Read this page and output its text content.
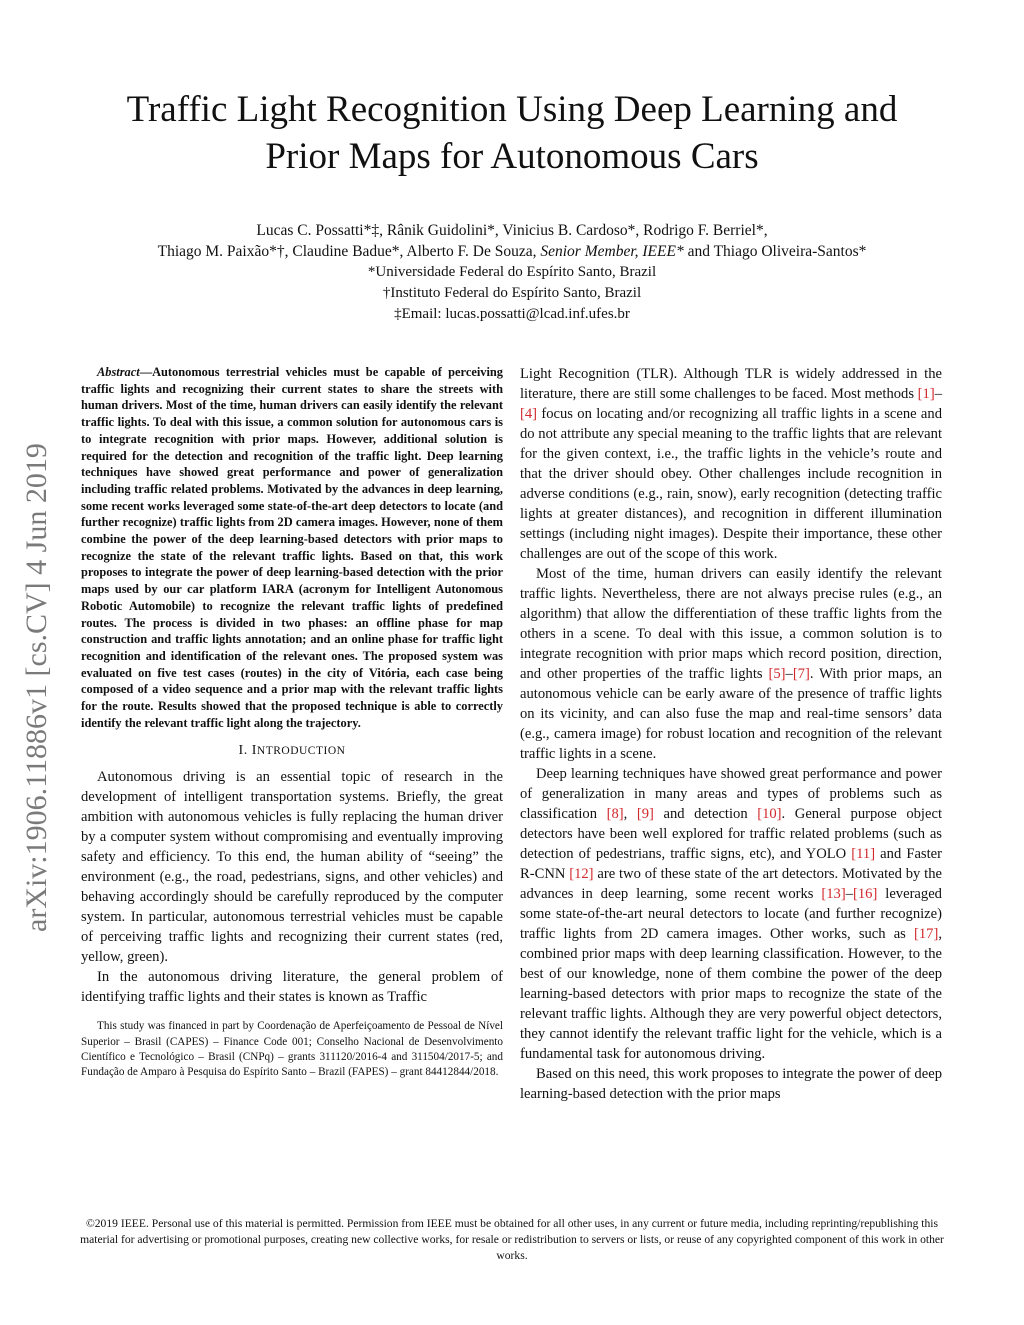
Traffic Light Recognition Using Deep Learning and
Prior Maps for Autonomous Cars
Lucas C. Possatti*‡, Rânik Guidolini*, Vinicius B. Cardoso*, Rodrigo F. Berriel*,
Thiago M. Paixão*†, Claudine Badue*, Alberto F. De Souza, Senior Member, IEEE* and Thiago Oliveira-Santos*
*Universidade Federal do Espírito Santo, Brazil
†Instituto Federal do Espírito Santo, Brazil
‡Email: lucas.possatti@lcad.inf.ufes.br
arXiv:1906.11886v1 [cs.CV] 4 Jun 2019

Abstract—Autonomous terrestrial vehicles must be capable of perceiving traffic lights and recognizing their current states to share the streets with human drivers. Most of the time, human drivers can easily identify the relevant traffic lights. To deal with this issue, a common solution for autonomous cars is to integrate recognition with prior maps. However, additional solution is required for the detection and recognition of the traffic light. Deep learning techniques have showed great performance and power of generalization including traffic related problems. Motivated by the advances in deep learning, some recent works leveraged some state-of-the-art deep detectors to locate (and further recognize) traffic lights from 2D camera images. However, none of them combine the power of the deep learning-based detectors with prior maps to recognize the state of the relevant traffic lights. Based on that, this work proposes to integrate the power of deep learning-based detection with the prior maps used by our car platform IARA (acronym for Intelligent Autonomous Robotic Automobile) to recognize the relevant traffic lights of predefined routes. The process is divided in two phases: an offline phase for map construction and traffic lights annotation; and an online phase for traffic light recognition and identification of the relevant ones. The proposed system was evaluated on five test cases (routes) in the city of Vitória, each case being composed of a video sequence and a prior map with the relevant traffic lights for the route. Results showed that the proposed technique is able to correctly identify the relevant traffic light along the trajectory.

I. INTRODUCTION

Autonomous driving is an essential topic of research in the development of intelligent transportation systems. Briefly, the great ambition with autonomous vehicles is fully replacing the human driver by a computer system without compromising and eventually improving safety and efficiency. To this end, the human ability of “seeing” the environment (e.g., the road, pedestrians, signs, and other vehicles) and behaving accordingly should be carefully reproduced by the computer system. In particular, autonomous terrestrial vehicles must be capable of perceiving traffic lights and recognizing their current states (red, yellow, green).

In the autonomous driving literature, the general problem of identifying traffic lights and their states is known as Traffic

This study was financed in part by Coordenação de Aperfeiçoamento de Pessoal de Nível Superior – Brasil (CAPES) – Finance Code 001; Conselho Nacional de Desenvolvimento Científico e Tecnológico – Brasil (CNPq) – grants 311120/2016-4 and 311504/2017-5; and Fundação de Amparo à Pesquisa do Espírito Santo – Brazil (FAPES) – grant 84412844/2018.

Light Recognition (TLR). Although TLR is widely addressed in the literature, there are still some challenges to be faced. Most methods [1]–[4] focus on locating and/or recognizing all traffic lights in a scene and do not attribute any special meaning to the traffic lights that are relevant for the given context, i.e., the traffic lights in the vehicle’s route and that the driver should obey. Other challenges include recognition in adverse conditions (e.g., rain, snow), early recognition (detecting traffic lights at greater distances), and recognition in different illumination settings (including night images). Despite their importance, these other challenges are out of the scope of this work.

Most of the time, human drivers can easily identify the relevant traffic lights. Nevertheless, there are not always precise rules (e.g., an algorithm) that allow the differentiation of these traffic lights from the others in a scene. To deal with this issue, a common solution is to integrate recognition with prior maps which record position, direction, and other properties of the traffic lights [5]–[7]. With prior maps, an autonomous vehicle can be early aware of the presence of traffic lights on its vicinity, and can also fuse the map and real-time sensors’ data (e.g., camera image) for robust location and recognition of the relevant traffic lights in a scene.

Deep learning techniques have showed great performance and power of generalization in many areas and types of problems such as classification [8], [9] and detection [10]. General purpose object detectors have been well explored for traffic related problems (such as detection of pedestrians, traffic signs, etc), and YOLO [11] and Faster R-CNN [12] are two of these state of the art detectors. Motivated by the advances in deep learning, some recent works [13]–[16] leveraged some state-of-the-art neural detectors to locate (and further recognize) traffic lights from 2D camera images. Other works, such as [17], combined prior maps with deep learning classification. However, to the best of our knowledge, none of them combine the power of the deep learning-based detectors with prior maps to recognize the state of the relevant traffic lights. Although they are very powerful object detectors, they cannot identify the relevant traffic light for the vehicle, which is a fundamental task for autonomous driving.

Based on this need, this work proposes to integrate the power of deep learning-based detection with the prior maps

©2019 IEEE. Personal use of this material is permitted. Permission from IEEE must be obtained for all other uses, in any current or future media, including reprinting/republishing this material for advertising or promotional purposes, creating new collective works, for resale or redistribution to servers or lists, or reuse of any copyrighted component of this work in other works.
